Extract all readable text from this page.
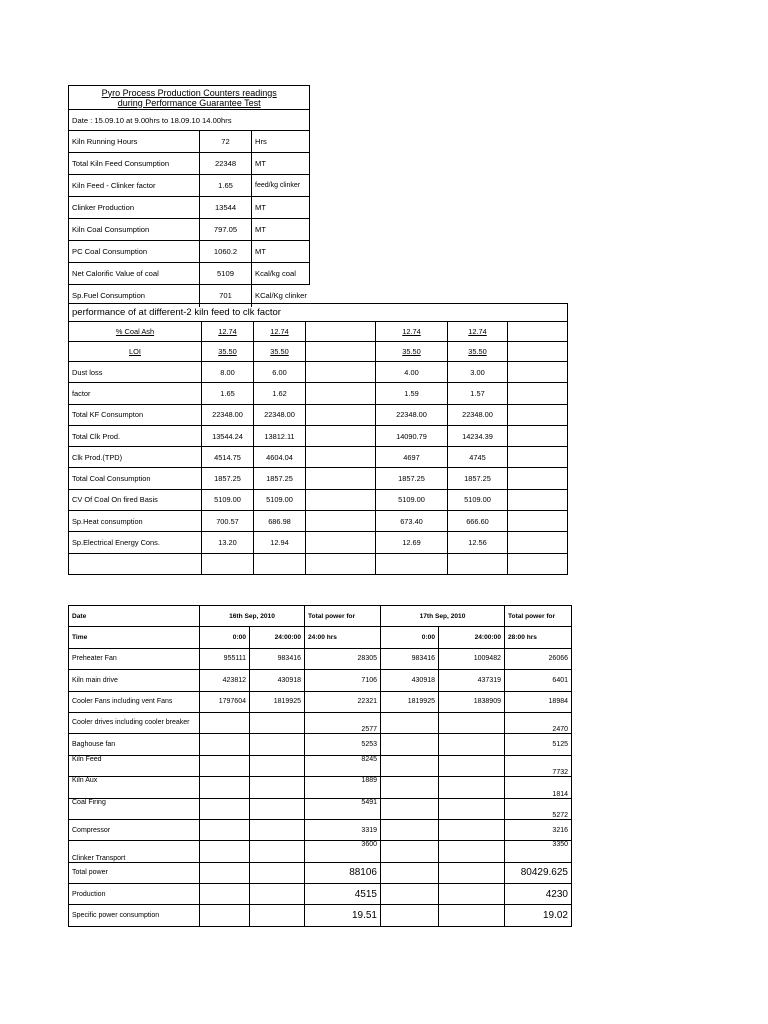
Pyro Process Production Counters readings
during Performance Guarantee Test		
Date : 15.09.10 at 9.00hrs to 18.09.10 14.00hrs		
Kiln Running Hours	72	Hrs
Total Kiln Feed Consumption	22348	MT
Kiln Feed - Clinker factor	1.65	feed/kg clinker
Clinker Production	13544	MT
Kiln Coal Consumption	797.05	MT
PC Coal Consumption	1060.2	MT
Net Calorific Value of coal	5109	Kcal/kg coal
Sp.Fuel Consumption	701	KCal/Kg clinker
performance of at different-2 kiln feed to clk factor						
% Coal Ash	12.74	12.74		12.74	12.74	
LOI	35.50	35.50		35.50	35.50	
Dust loss	8.00	6.00		4.00	3.00	
factor	1.65	1.62		1.59	1.57	
Total KF Consumpton	22348.00	22348.00		22348.00	22348.00	
Total Clk Prod.	13544.24	13812.11		14090.79	14234.39	
Clk Prod.(TPD)	4514.75	4604.04		4697	4745	
Total Coal Consumption	1857.25	1857.25		1857.25	1857.25	
CV Of Coal On fired Basis	5109.00	5109.00		5109.00	5109.00	
Sp.Heat consumption	700.57	686.98		673.40	666.60	
Sp.Electrical Energy Cons.	13.20	12.94		12.69	12.56	

Date	16th Sep, 2010		Total power for	17th Sep, 2010		Total power for
Time	0:00	24:00:00	24:00 hrs	0:00	24:00:00	28:00 hrs
Preheater Fan	955111	983416	28305	983416	1009482	26066
Kiln main drive	423812	430918	7106	430918	437319	6401
Cooler Fans including vent Fans	1797604	1819925	22321	1819925	1838909	18984
Cooler drives including cooler breaker			2577			2470
Baghouse fan			5253			5125
Kiln Feed			8245			7732
Kiln Aux			1889			1814
Coal Firing			5491			5272
Compressor			3319			3216
Clinker Transport			3600			3350
Total power			88106			80429.625
Production			4515			4230
Specific power consumption			19.51			19.02
